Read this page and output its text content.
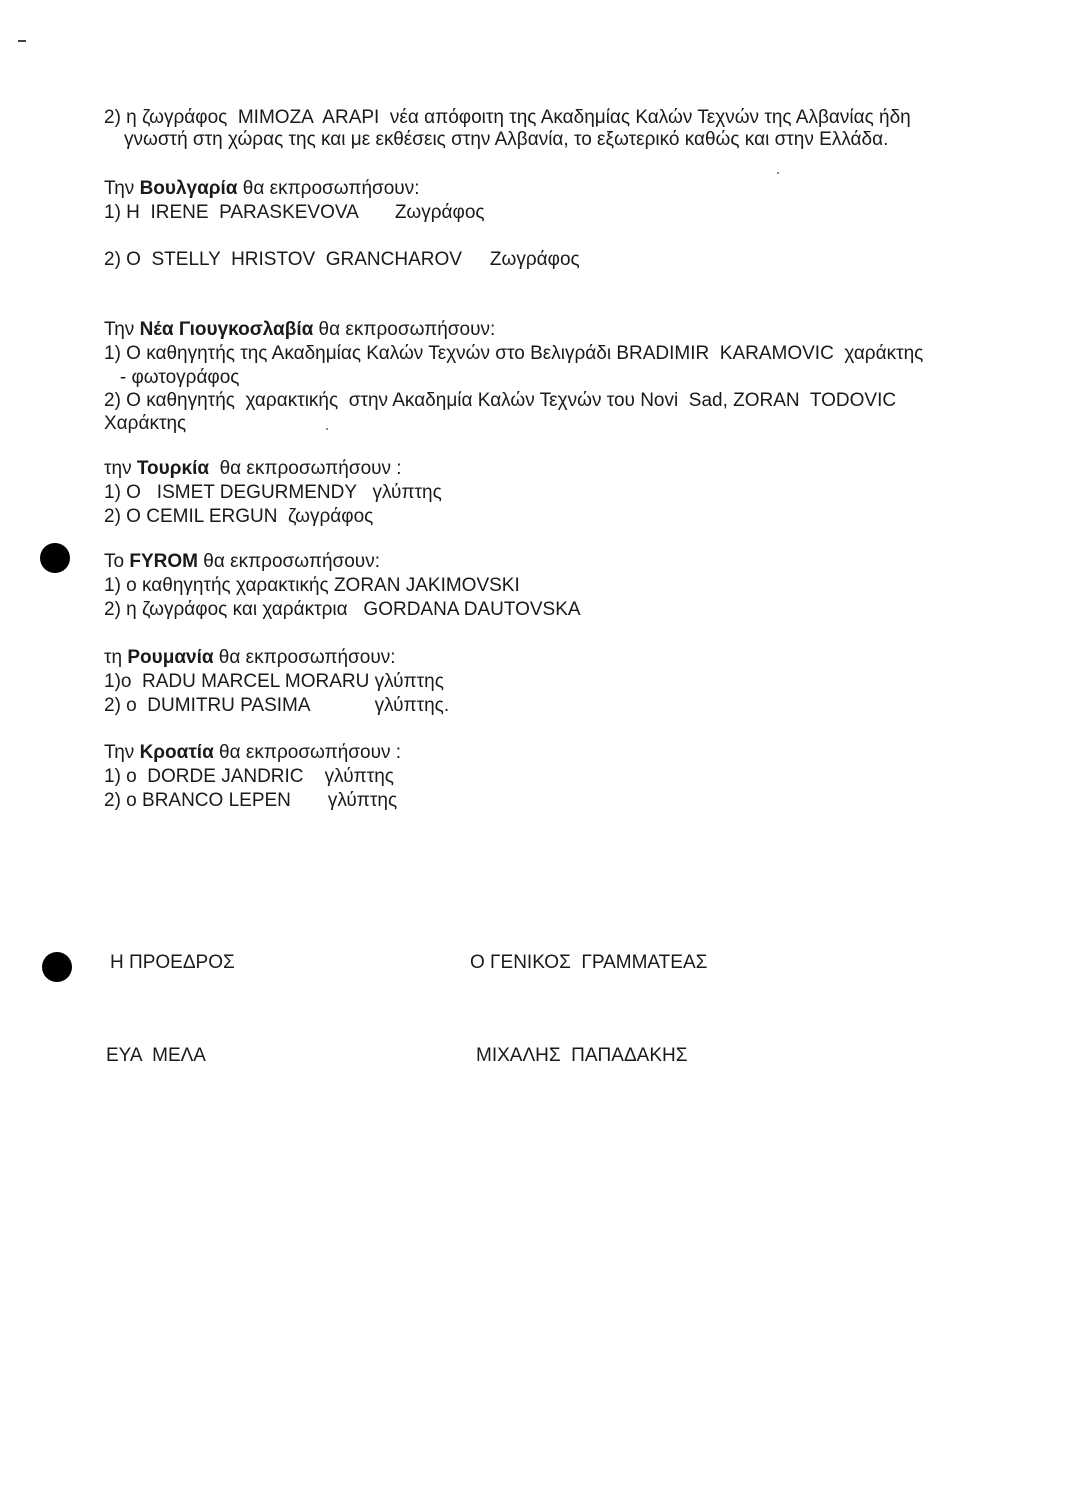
2) η ζωγράφος  MIMOZA  ARAPI  νέα απόφοιτη της Ακαδημίας Καλών Τεχνών της Αλβανίας ήδη
γνωστή στη χώρας της και με εκθέσεις στην Αλβανία, το εξωτερικό καθώς και στην Ελλάδα.
Την Βουλγαρία θα εκπροσωπήσουν:
1) Η  IRENE  PARASKEVOVA Ζωγράφος
2) O  STELLY  HRISTOV  GRANCHAROV Ζωγράφος
Την Νέα Γιουγκοσλαβία θα εκπροσωπήσουν:
1) Ο καθηγητής της Ακαδημίας Καλών Τεχνών στο Βελιγράδι BRADIMIR  KARAMOVIC  χαράκτης
- φωτογράφος
2) Ο καθηγητής  χαρακτικής  στην Ακαδημία Καλών Τεχνών του Novi  Sad, ZORAN  TODOVIC
Χαράκτης
την Τουρκία  θα εκπροσωπήσουν :
1) Ο   ISMET DEGURMENDY   γλύπτης
2) Ο CEMIL ERGUN  ζωγράφος
Το FYROM θα εκπροσωπήσουν:
1) ο καθηγητής χαρακτικής ZORAN JAKIMOVSKI
2) η ζωγράφος και χαράκτρια   GORDANA DAUTOVSKA
τη Ρουμανία θα εκπροσωπήσουν:
1)ο  RADU MARCEL MORARU γλύπτης
2) ο  DUMITRU PASIMA	γλύπτης.
Την Κροατία θα εκπροσωπήσουν :
1) ο  DORDE JANDRIC    γλύπτης
2) ο BRANCO LEPEN       γλύπτης
Η ΠΡΟΕΔΡΟΣ	Ο ΓΕΝΙΚΟΣ  ΓΡΑΜΜΑΤΕΑΣ
ΕΥΑ  ΜΕΛΑ	ΜΙΧΑΛΗΣ  ΠΑΠΑΔΑΚΗΣ
